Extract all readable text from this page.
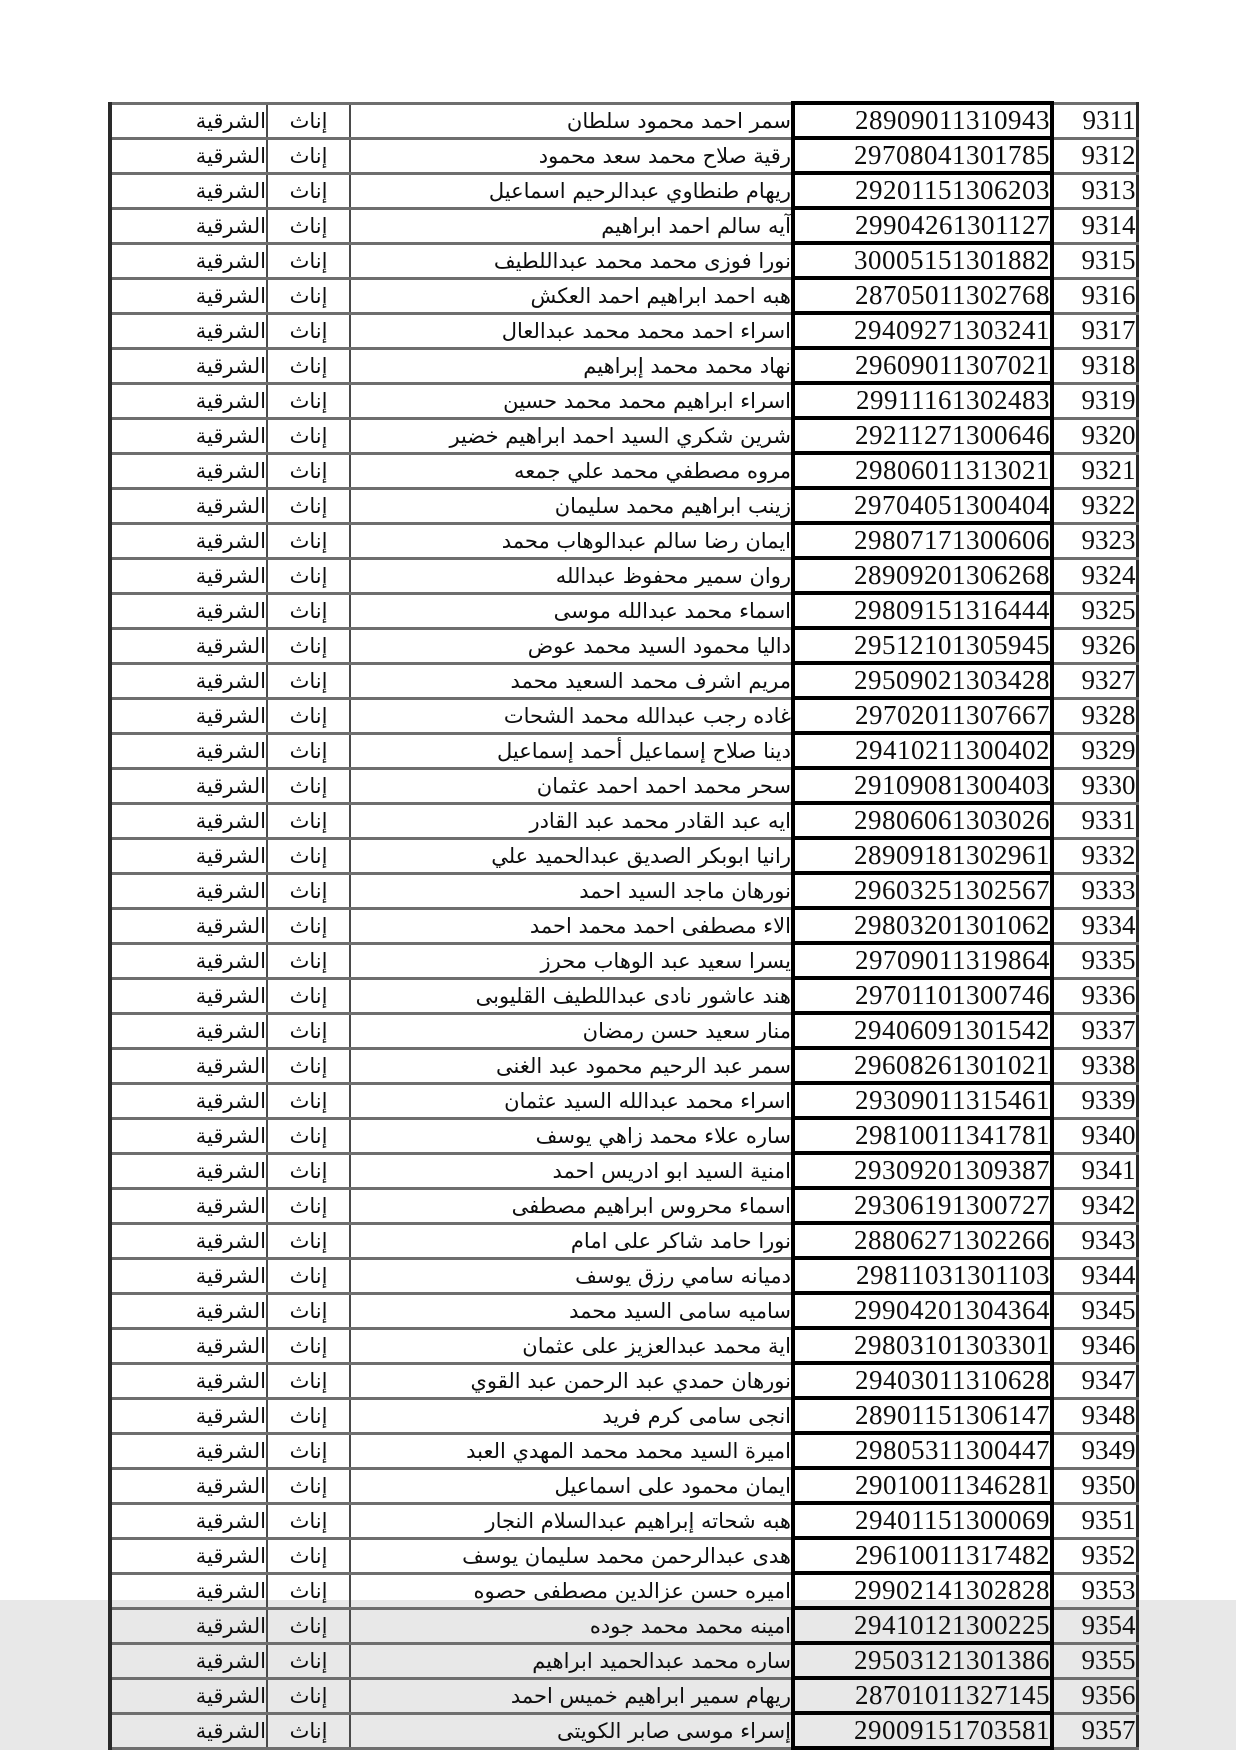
الشرقية	إناث	سمر احمد محمود سلطان	28909011310943	9311
الشرقية	إناث	رقية صلاح محمد سعد محمود	29708041301785	9312
الشرقية	إناث	ريهام طنطاوي عبدالرحيم اسماعيل	29201151306203	9313
الشرقية	إناث	آيه سالم احمد ابراهيم	29904261301127	9314
الشرقية	إناث	نورا فوزى محمد محمد عبداللطيف	30005151301882	9315
الشرقية	إناث	هبه احمد ابراهيم احمد العكش	28705011302768	9316
الشرقية	إناث	اسراء احمد محمد محمد عبدالعال	29409271303241	9317
الشرقية	إناث	نهاد محمد محمد إبراهيم	29609011307021	9318
الشرقية	إناث	اسراء ابراهيم محمد محمد حسين	29911161302483	9319
الشرقية	إناث	شرين شكري السيد احمد ابراهيم خضير	29211271300646	9320
الشرقية	إناث	مروه مصطفي محمد علي جمعه	29806011313021	9321
الشرقية	إناث	زينب ابراهيم محمد سليمان	29704051300404	9322
الشرقية	إناث	ايمان رضا سالم عبدالوهاب محمد	29807171300606	9323
الشرقية	إناث	روان سمير محفوظ عبدالله	28909201306268	9324
الشرقية	إناث	اسماء محمد عبدالله موسى	29809151316444	9325
الشرقية	إناث	داليا محمود السيد محمد عوض	29512101305945	9326
الشرقية	إناث	مريم اشرف محمد السعيد محمد	29509021303428	9327
الشرقية	إناث	غاده رجب عبدالله محمد الشحات	29702011307667	9328
الشرقية	إناث	دينا صلاح إسماعيل أحمد إسماعيل	29410211300402	9329
الشرقية	إناث	سحر محمد احمد احمد عثمان	29109081300403	9330
الشرقية	إناث	ايه عبد القادر محمد عبد القادر	29806061303026	9331
الشرقية	إناث	رانيا ابوبكر الصديق عبدالحميد علي	28909181302961	9332
الشرقية	إناث	نورهان ماجد السيد احمد	29603251302567	9333
الشرقية	إناث	الاء مصطفى احمد محمد احمد	29803201301062	9334
الشرقية	إناث	يسرا سعيد عبد الوهاب محرز	29709011319864	9335
الشرقية	إناث	هند عاشور نادى عبداللطيف القليوبى	29701101300746	9336
الشرقية	إناث	منار سعيد حسن رمضان	29406091301542	9337
الشرقية	إناث	سمر عبد الرحيم محمود عبد الغنى	29608261301021	9338
الشرقية	إناث	اسراء محمد عبدالله السيد عثمان	29309011315461	9339
الشرقية	إناث	ساره علاء محمد زاهي يوسف	29810011341781	9340
الشرقية	إناث	امنية السيد ابو ادريس احمد	29309201309387	9341
الشرقية	إناث	اسماء محروس ابراهيم مصطفى	29306191300727	9342
الشرقية	إناث	نورا حامد شاكر على امام	28806271302266	9343
الشرقية	إناث	دميانه سامي رزق يوسف	29811031301103	9344
الشرقية	إناث	ساميه سامى السيد محمد	29904201304364	9345
الشرقية	إناث	اية محمد عبدالعزيز على عثمان	29803101303301	9346
الشرقية	إناث	نورهان حمدي عبد الرحمن عبد القوي	29403011310628	9347
الشرقية	إناث	انجى سامى كرم فريد	28901151306147	9348
الشرقية	إناث	اميرة السيد محمد محمد المهدي العبد	29805311300447	9349
الشرقية	إناث	ايمان محمود على اسماعيل	29010011346281	9350
الشرقية	إناث	هبه شحاته إبراهيم عبدالسلام النجار	29401151300069	9351
الشرقية	إناث	هدى عبدالرحمن محمد سليمان يوسف	29610011317482	9352
الشرقية	إناث	اميره حسن عزالدين مصطفى حصوه	29902141302828	9353
الشرقية	إناث	امينه محمد محمد جوده	29410121300225	9354
الشرقية	إناث	ساره محمد عبدالحميد ابراهيم	29503121301386	9355
الشرقية	إناث	ريهام سمير ابراهيم خميس احمد	28701011327145	9356
الشرقية	إناث	إسراء موسى صابر الكويتى	29009151703581	9357
